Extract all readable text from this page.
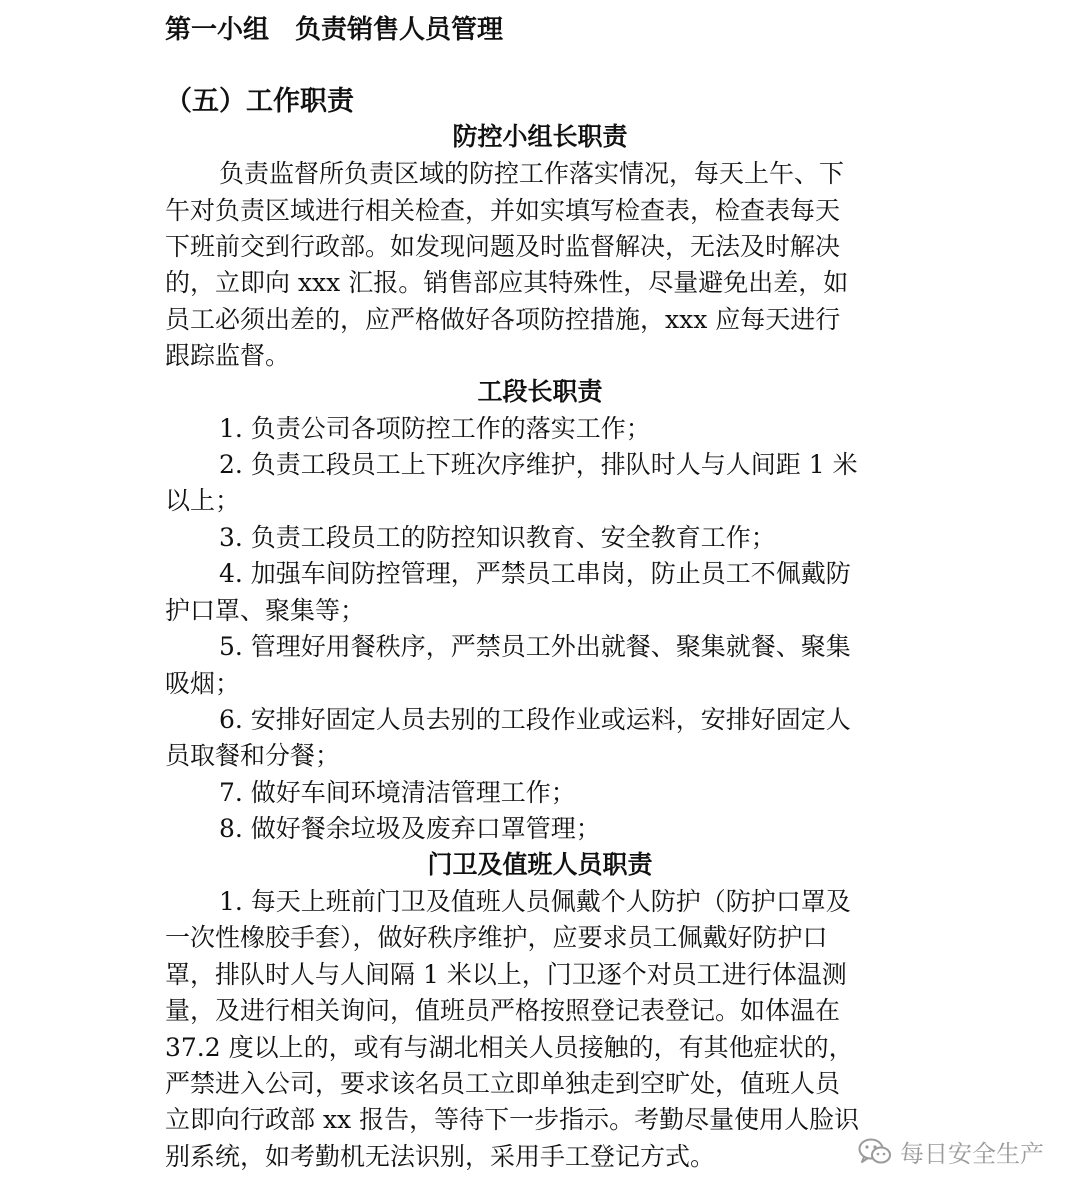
第一小组　负责销售人员管理

（五）工作职责

防控小组长职责

负责监督所负责区域的防控工作落实情况，每天上午、下

午对负责区域进行相关检查，并如实填写检查表，检查表每天

下班前交到行政部。如发现问题及时监督解决，无法及时解决

的，立即向 xxx 汇报。销售部应其特殊性，尽量避免出差，如

员工必须出差的，应严格做好各项防控措施，xxx 应每天进行

跟踪监督。

工段长职责

1. 负责公司各项防控工作的落实工作；

2. 负责工段员工上下班次序维护，排队时人与人间距 1 米

以上；

3. 负责工段员工的防控知识教育、安全教育工作；

4. 加强车间防控管理，严禁员工串岗，防止员工不佩戴防

护口罩、聚集等；

5. 管理好用餐秩序，严禁员工外出就餐、聚集就餐、聚集

吸烟；

6. 安排好固定人员去别的工段作业或运料，安排好固定人

员取餐和分餐；

7. 做好车间环境清洁管理工作；

8. 做好餐余垃圾及废弃口罩管理；

门卫及值班人员职责

1. 每天上班前门卫及值班人员佩戴个人防护（防护口罩及

一次性橡胶手套），做好秩序维护，应要求员工佩戴好防护口

罩，排队时人与人间隔 1 米以上，门卫逐个对员工进行体温测

量，及进行相关询问，值班员严格按照登记表登记。如体温在

37.2 度以上的，或有与湖北相关人员接触的，有其他症状的，

严禁进入公司，要求该名员工立即单独走到空旷处，值班人员

立即向行政部 xx 报告，等待下一步指示。考勤尽量使用人脸识

别系统，如考勤机无法识别，采用手工登记方式。	每日安全生产
